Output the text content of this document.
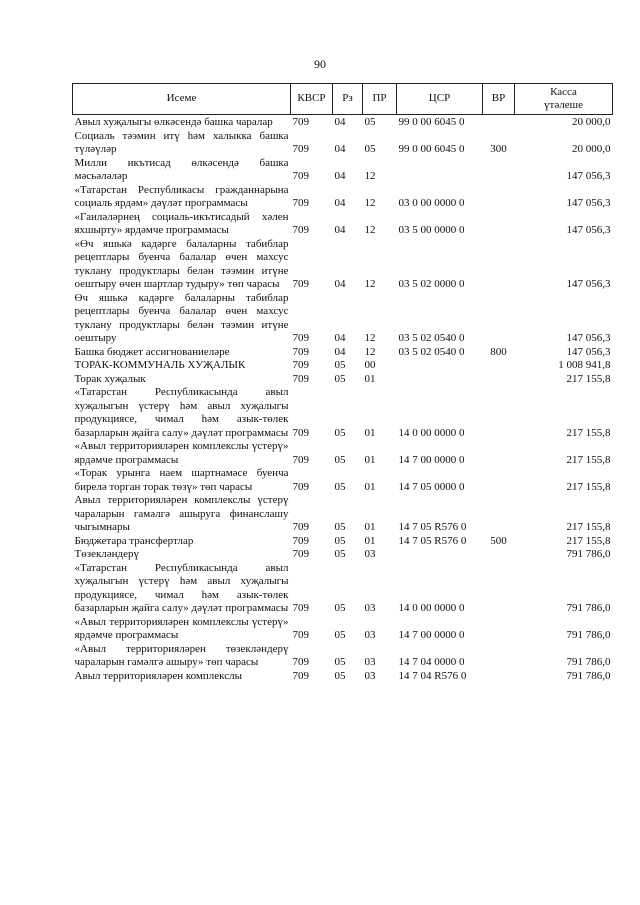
90
Исеме	КВСР	Рз	ПР	ЦСР	ВР	Касса
үтәлеше
Авыл хуҗалыгы өлкәсендә башка чаралар	709	04	05	99 0 00 6045 0		20 000,0
Социаль тәэмин итү һәм халыкка башка түләүләр	709	04	05	99 0 00 6045 0	300	20 000,0
Милли икътисад өлкәсендә башка мәсьәләләр	709	04	12			147 056,3
«Татарстан Республикасы гражданнарына социаль ярдәм» дәүләт программасы	709	04	12	03 0 00 0000 0		147 056,3
«Гаиләләрнең социаль-икътисадый хәлен яхшырту» ярдәмче программасы	709	04	12	03 5 00 0000 0		147 056,3
«Өч яшькә кадәрге балаларны табиблар рецептлары буенча балалар өчен махсус туклану продуктлары белән тәэмин итүне оештыру өчен шартлар тудыру» төп чарасы	709	04	12	03 5 02 0000 0		147 056,3
Өч яшькә кадәрге балаларны табиблар рецептлары буенча балалар өчен махсус туклану продуктлары белән тәэмин итүне оештыру	709	04	12	03 5 02 0540 0		147 056,3
Башка бюджет ассигнованиеләре	709	04	12	03 5 02 0540 0	800	147 056,3
ТОРАК-КОММУНАЛЬ ХУҖАЛЫК	709	05	00			1 008 941,8
Торак хуҗалык	709	05	01			217 155,8
«Татарстан Республикасында авыл хуҗалыгын үстерү һәм авыл хуҗалыгы продукциясе, чимал һәм азык-төлек базарларын җайга салу» дәүләт программасы	709	05	01	14 0 00 0000 0		217 155,8
«Авыл территорияләрен комплекслы үстерү» ярдәмче программасы	709	05	01	14 7 00 0000 0		217 155,8
«Торак урынга наем шартнамәсе буенча бирелә торган торак төзү» төп чарасы	709	05	01	14 7 05 0000 0		217 155,8
Авыл территорияләрен комплекслы үстерү чараларын гамәлгә ашыруга финанслашу чыгымнары	709	05	01	14 7 05 R576 0		217 155,8
Бюджетара трансфертлар	709	05	01	14 7 05 R576 0	500	217 155,8
Төзекләндерү	709	05	03			791 786,0
«Татарстан Республикасында авыл хуҗалыгын үстерү һәм авыл хуҗалыгы продукциясе, чимал һәм азык-төлек базарларын җайга салу» дәүләт программасы	709	05	03	14 0 00 0000 0		791 786,0
«Авыл территорияләрен комплекслы үстерү» ярдәмче программасы	709	05	03	14 7 00 0000 0		791 786,0
«Авыл территорияләрен төзекләндерү чараларын гамәлгә ашыру» төп чарасы	709	05	03	14 7 04 0000 0		791 786,0
Авыл территорияләрен комплекслы	709	05	03	14 7 04 R576 0		791 786,0
